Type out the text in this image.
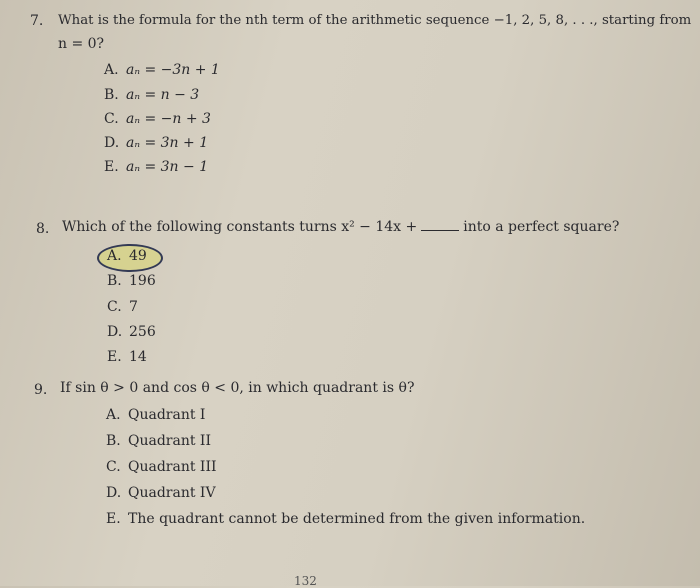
7. What is the formula for the nth term of the arithmetic sequence −1, 2, 5, 8, . . ., starting from
n = 0?
A. aₙ = −3n + 1
B. aₙ = n − 3
C. aₙ = −n + 3
D. aₙ = 3n + 1
E. aₙ = 3n − 1
8. Which of the following constants turns x² − 14x +	into a perfect square?
A. 49
B. 196
C. 7
D. 256
E. 14
9. If sin θ > 0 and cos θ < 0, in which quadrant is θ?
A. Quadrant I
B. Quadrant II
C. Quadrant III
D. Quadrant IV
E. The quadrant cannot be determined from the given information.
132
